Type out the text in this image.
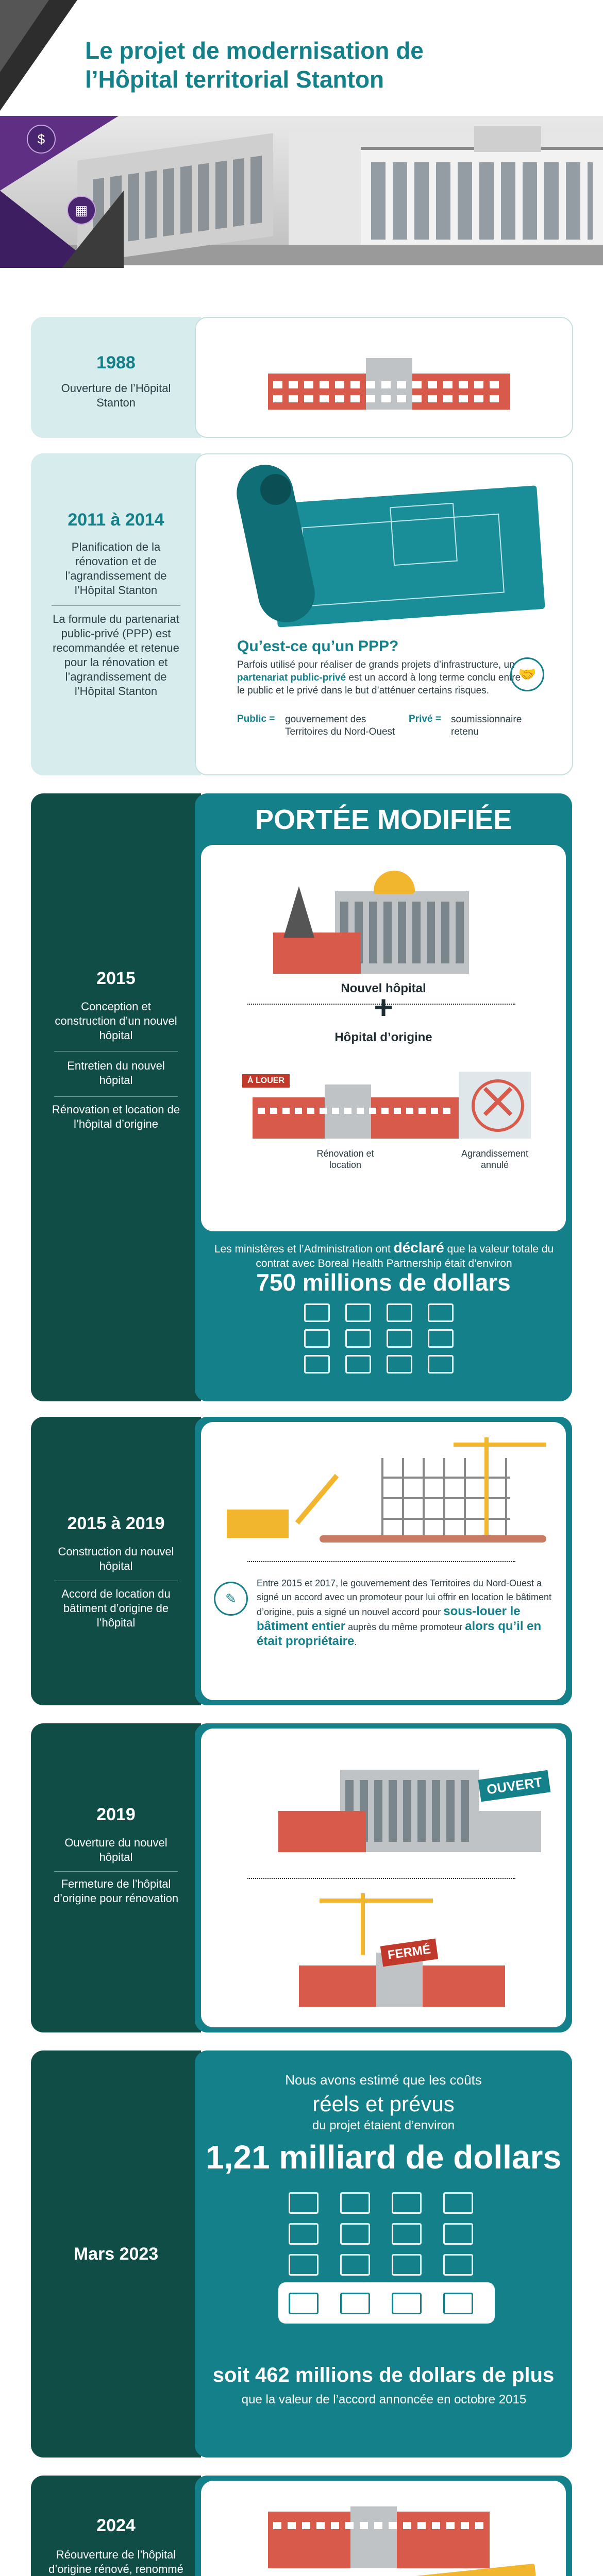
Le projet de modernisation de
l’Hôpital territorial Stanton
$
▦
1988
Ouverture de l’Hôpital Stanton
2011 à 2014
Planification de la rénovation et de l’agrandissement de l’Hôpital Stanton
La formule du partenariat public-privé (PPP) est recommandée et retenue pour la rénovation et l’agrandissement de l’Hôpital Stanton
Qu’est-ce qu’un PPP?
Parfois utilisé pour réaliser de grands projets d’infrastructure, un partenariat public-privé est un accord à long terme conclu entre le public et le privé dans le but d’atténuer certains risques.
🤝
Public = gouvernement des Territoires du Nord-Ouest
Privé = soumissionnaire retenu
PORTÉE MODIFIÉE
2015
Conception et construction d’un nouvel hôpital
Entretien du nouvel hôpital
Rénovation et location de l’hôpital d’origine
Nouvel hôpital
+
Hôpital d’origine
À LOUER
Rénovation et location
Agrandissement annulé
Les ministères et l’Administration ont déclaré que la valeur totale du contrat avec Boreal Health Partnership était d’environ
750 millions de dollars
2015 à 2019
Construction du nouvel hôpital
Accord de location du bâtiment d’origine de l’hôpital
✎
Entre 2015 et 2017, le gouvernement des Territoires du Nord-Ouest a signé un accord avec un promoteur pour lui offrir en location le bâtiment d’origine, puis a signé un nouvel accord pour sous-louer le bâtiment entier auprès du même promoteur alors qu’il en était propriétaire.
2019
Ouverture du nouvel hôpital
Fermeture de l’hôpital d’origine pour rénovation
OUVERT
FERMÉ
Mars 2023
Nous avons estimé que les coûts
réels et prévus
du projet étaient d’environ
1,21 milliard de dollars
soit 462 millions de dollars de plus
que la valeur de l’accord annoncée en octobre 2015
2024
Réouverture de l’hôpital d’origine rénové, renommé
